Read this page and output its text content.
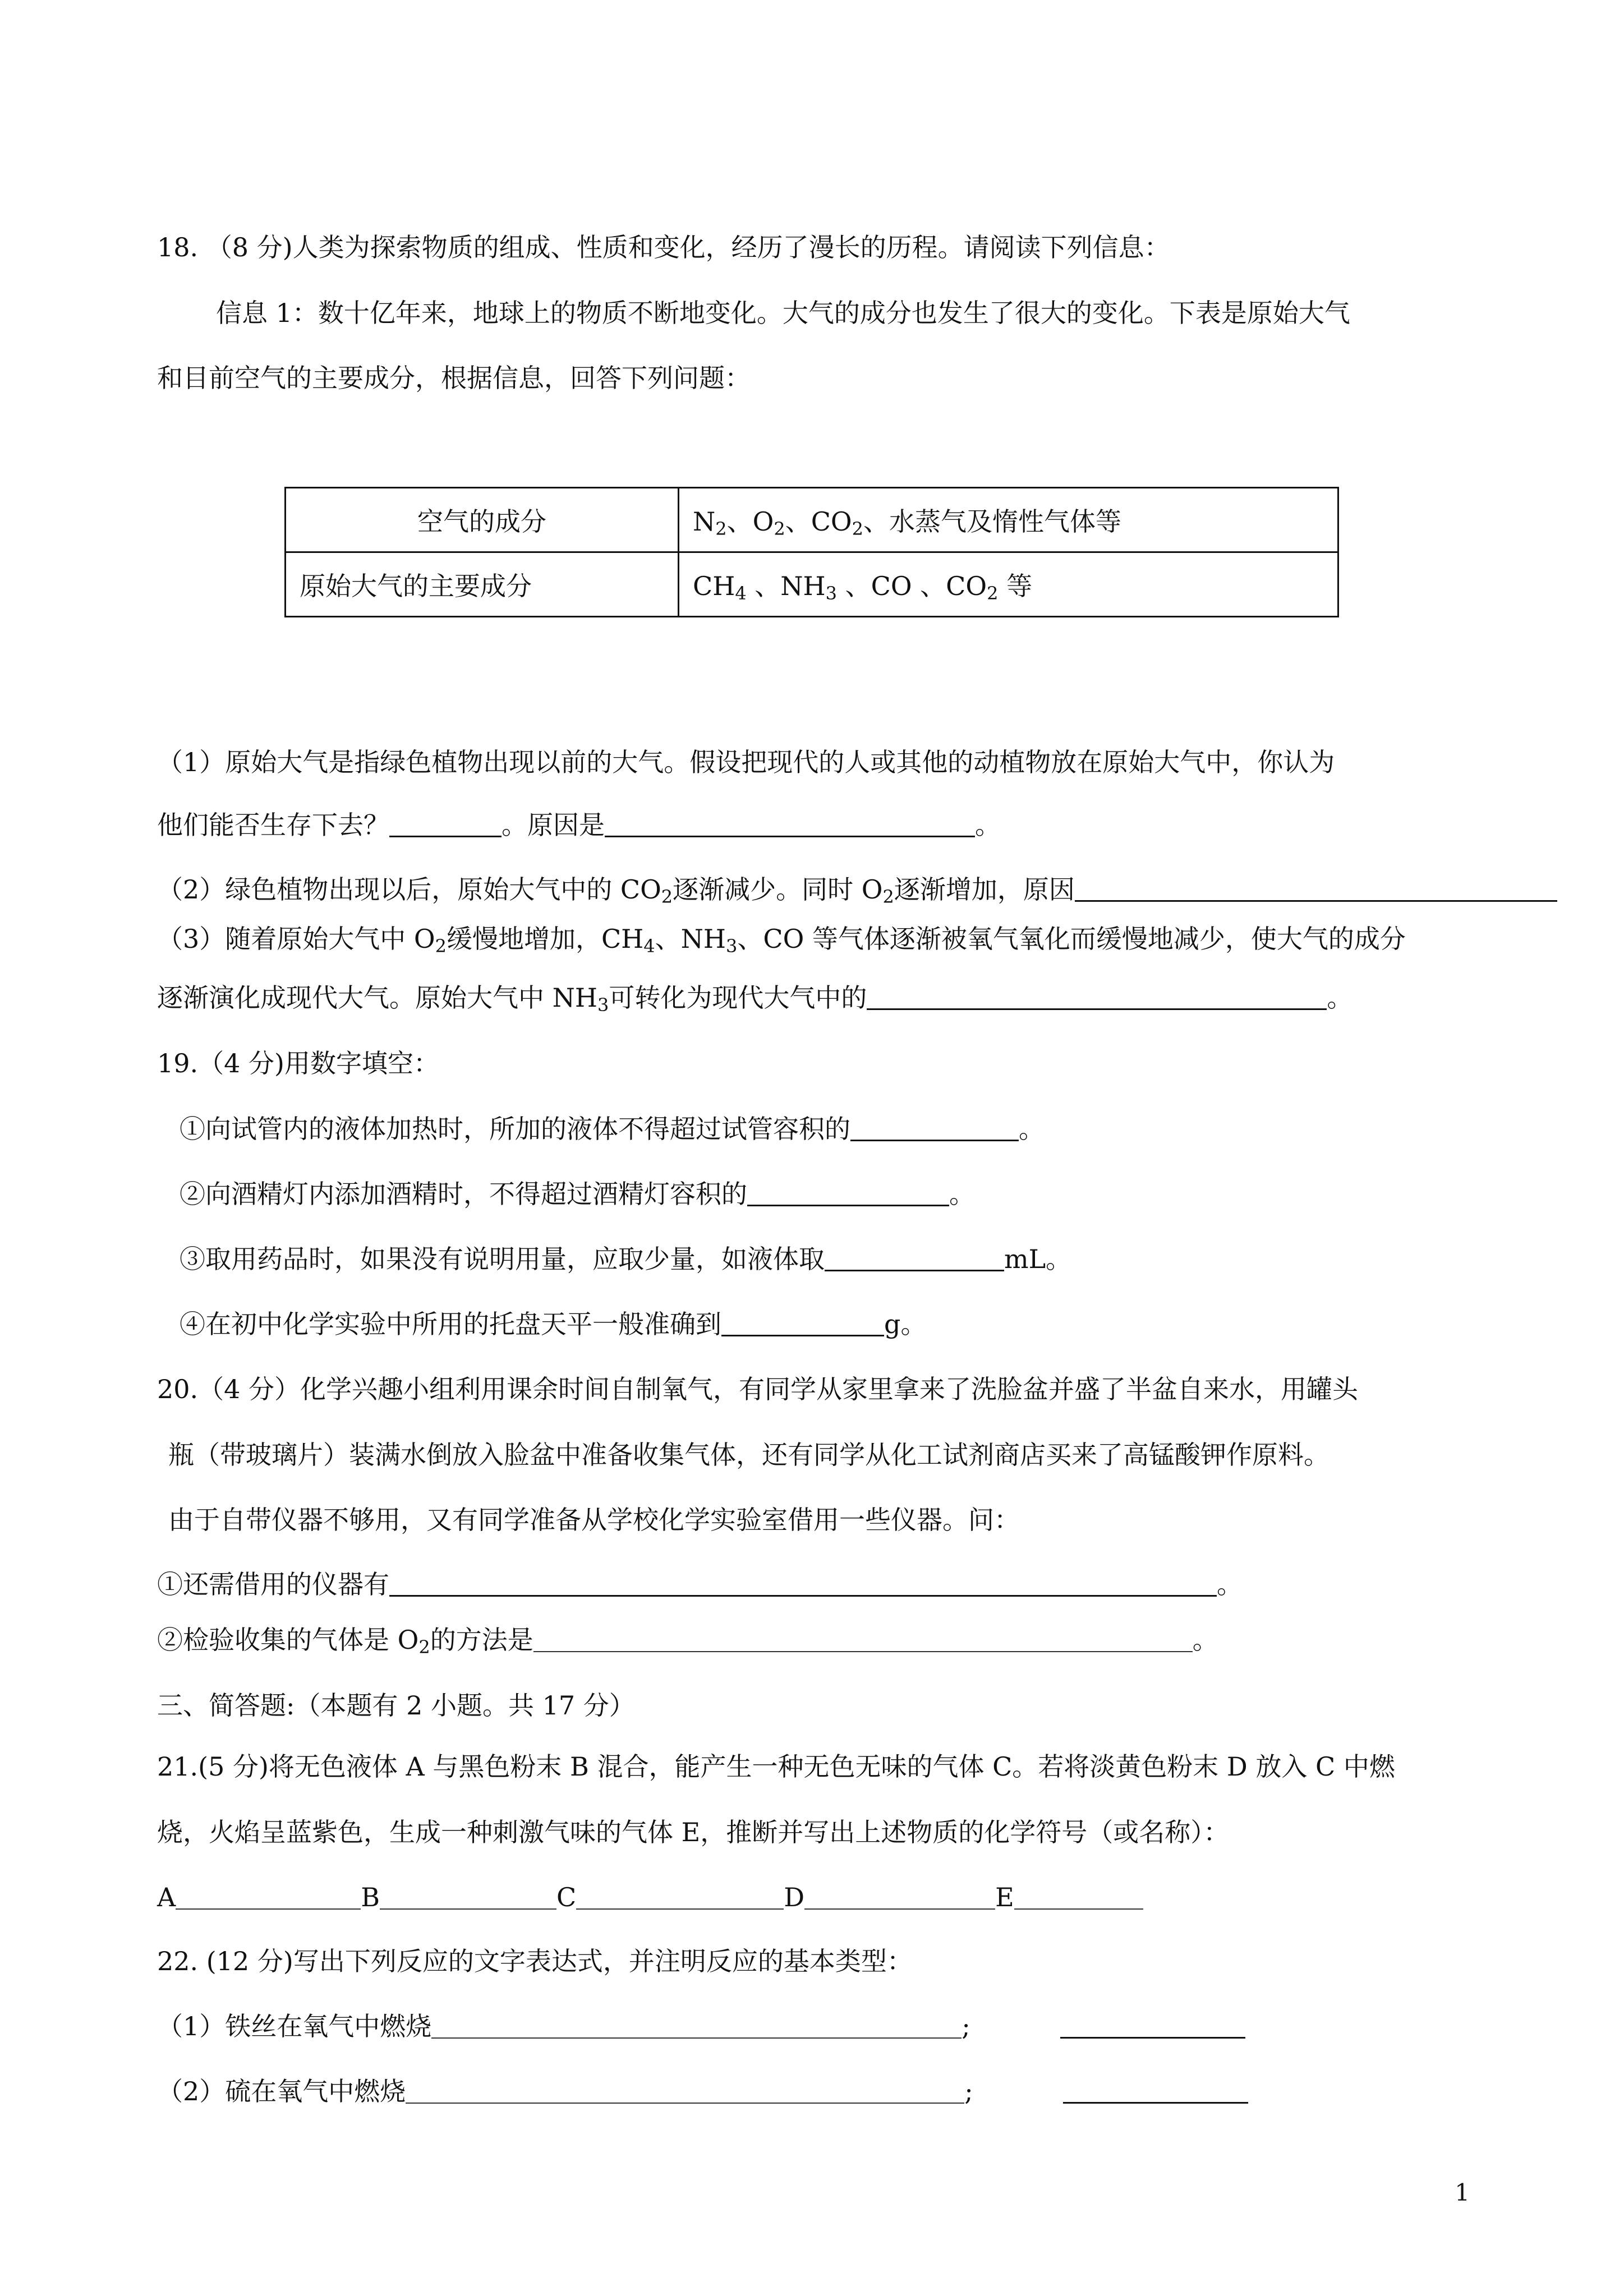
18. （8 分)人类为探索物质的组成、性质和变化，经历了漫长的历程。请阅读下列信息：
信息 1：数十亿年来，地球上的物质不断地变化。大气的成分也发生了很大的变化。下表是原始大气
和目前空气的主要成分，根据信息，回答下列问题：
空气的成分	$N_2$、$O_2$、$CO_2$、水蒸气及惰性气体等
原始大气的主要成分	$CH_4$ 、$NH_3$ 、CO 、$CO_2$ 等
（1）原始大气是指绿色植物出现以前的大气。假设把现代的人或其他的动植物放在原始大气中，你认为
他们能否生存下去？	。原因是	。
（2）绿色植物出现以后，原始大气中的 $CO_2$逐渐减少。同时 $O_2$逐渐增加，原因
（3）随着原始大气中 $O_2$缓慢地增加，$CH_4$、$NH_3$、CO 等气体逐渐被氧气氧化而缓慢地减少，使大气的成分
逐渐演化成现代大气。原始大气中 $NH_3$可转化为现代大气中的	。
19.（4 分)用数字填空：
①向试管内的液体加热时，所加的液体不得超过试管容积的	。
②向酒精灯内添加酒精时，不得超过酒精灯容积的	。
③取用药品时，如果没有说明用量，应取少量，如液体取	mL。
④在初中化学实验中所用的托盘天平一般准确到	g。
20.（4 分）化学兴趣小组利用课余时间自制氧气，有同学从家里拿来了洗脸盆并盛了半盆自来水，用罐头
瓶（带玻璃片）装满水倒放入脸盆中准备收集气体，还有同学从化工试剂商店买来了高锰酸钾作原料。
由于自带仪器不够用，又有同学准备从学校化学实验室借用一些仪器。问：
①还需借用的仪器有	。
②检验收集的气体是 $O_2$的方法是	。
三、简答题:（本题有 2 小题。共 17 分）
21.(5 分)将无色液体 A 与黑色粉末 B 混合，能产生一种无色无味的气体 C。若将淡黄色粉末 D 放入 C 中燃
烧，火焰呈蓝紫色，生成一种刺激气味的气体 E，推断并写出上述物质的化学符号（或名称）：
A	B	C	D	E
22. (12 分)写出下列反应的文字表达式，并注明反应的基本类型：
（1）铁丝在氧气中燃烧	;
（2）硫在氧气中燃烧	;
1
